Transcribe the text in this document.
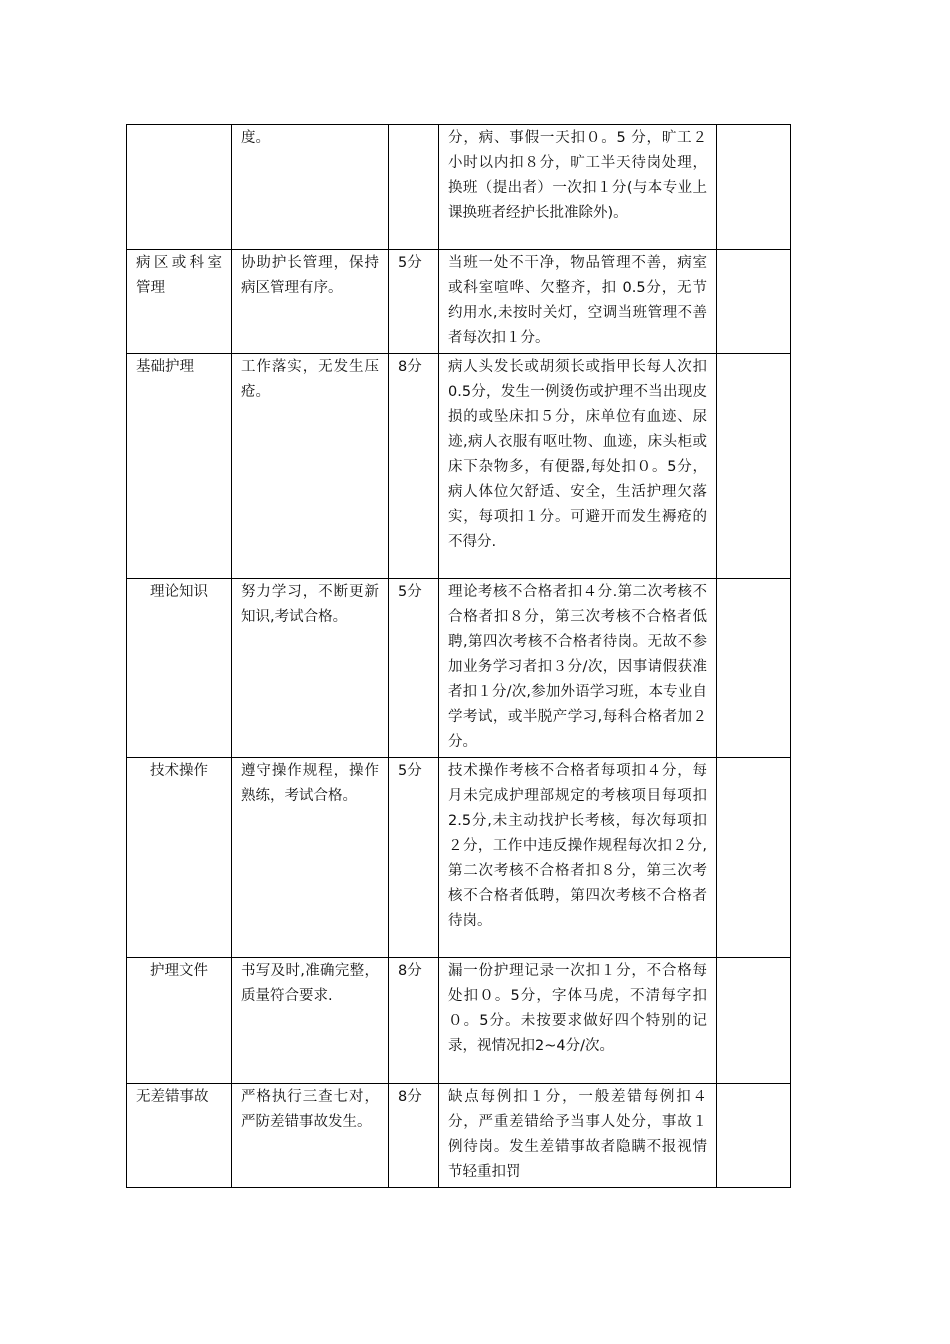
	度。		分，病、事假一天扣０。5 分，旷工２小时以内扣８分，旷工半天待岗处理，换班（提出者）一次扣１分(与本专业上课换班者经护长批准除外)。	
病区或科室管理	协助护长管理，保持病区管理有序。	5分	当班一处不干净，物品管理不善，病室或科室喧哗、欠整齐，扣 0.5分，无节约用水,未按时关灯，空调当班管理不善者每次扣１分。	
基础护理	工作落实，无发生压疮。	8分	病人头发长或胡须长或指甲长每人次扣0.5分，发生一例烫伤或护理不当出现皮损的或坠床扣５分，床单位有血迹、尿迹,病人衣服有呕吐物、血迹，床头柜或床下杂物多，有便器,每处扣０。5分，病人体位欠舒适、安全，生活护理欠落实，每项扣１分。可避开而发生褥疮的不得分.	
理论知识	努力学习，不断更新知识,考试合格。	5分	理论考核不合格者扣４分.第二次考核不合格者扣８分，第三次考核不合格者低聘,第四次考核不合格者待岗。无故不参加业务学习者扣３分/次，因事请假获准者扣１分/次,参加外语学习班，本专业自学考试，或半脱产学习,每科合格者加２分。	
技术操作	遵守操作规程，操作熟练，考试合格。	5分	技术操作考核不合格者每项扣４分，每月未完成护理部规定的考核项目每项扣2.5分,未主动找护长考核，每次每项扣２分，工作中违反操作规程每次扣２分,第二次考核不合格者扣８分，第三次考核不合格者低聘，第四次考核不合格者待岗。	
护理文件	书写及时,准确完整，质量符合要求.	8分	漏一份护理记录一次扣１分，不合格每处扣０。5分，字体马虎，不清每字扣０。5分。未按要求做好四个特别的记录，视情况扣2~4分/次。	
无差错事故	严格执行三查七对，严防差错事故发生。	8分	缺点每例扣１分，一般差错每例扣４分，严重差错给予当事人处分，事故１例待岗。发生差错事故者隐瞒不报视情节轻重扣罚	
